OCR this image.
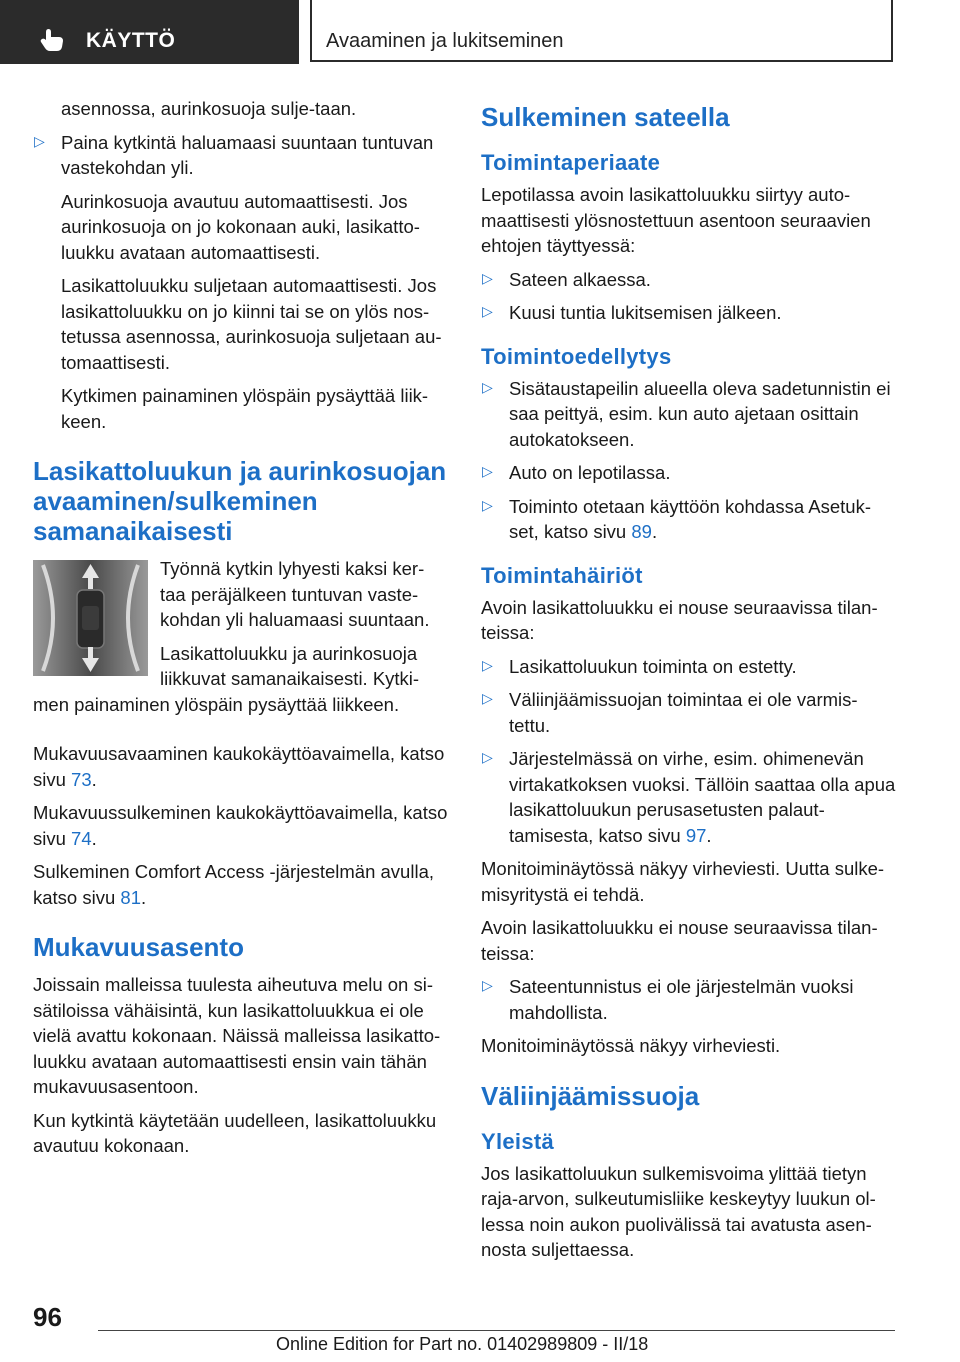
KÄYTTÖ	Avaaminen ja lukitseminen

asennossa, aurinkosuoja sulje-taan.

▷ Paina kytkintä haluamaasi suuntaan tuntuvan vastekohdan yli.

Aurinkosuoja avautuu automaattisesti. Jos aurinkosuoja on jo kokonaan auki, lasikatto-luukku avataan automaattisesti.

Lasikattoluukku suljetaan automaattisesti. Jos lasikattoluukku on jo kiinni tai se on ylös nos-tetussa asennossa, aurinkosuoja suljetaan au-tomaattisesti.

Kytkimen painaminen ylöspäin pysäyttää liik-keen.

Lasikattoluukun ja aurinkosuojan avaaminen/sulkeminen samanaikaisesti

Työnnä kytkin lyhyesti kaksi ker-taa peräjälkeen tuntuvan vaste-kohdan yli haluamaasi suuntaan.

Lasikattoluukku ja aurinkosuoja liikkuvat samanaikaisesti. Kytki-men painaminen ylöspäin pysäyttää liikkeen.

Mukavuusavaaminen kaukokäyttöavaimella, katso sivu 73.

Mukavuussulkeminen kaukokäyttöavaimella, katso sivu 74.

Sulkeminen Comfort Access -järjestelmän avulla, katso sivu 81.

Mukavuusasento

Joissain malleissa tuulesta aiheutuva melu on si-sätiloissa vähäisintä, kun lasikattoluukkua ei ole vielä avattu kokonaan. Näissä malleissa lasikatto-luukku avataan automaattisesti ensin vain tähän mukavuusasentoon.

Kun kytkintä käytetään uudelleen, lasikattoluukku avautuu kokonaan.

Sulkeminen sateella
Toimintaperiaate

Lepotilassa avoin lasikattoluukku siirtyy auto-maattisesti ylösnostettuun asentoon seuraavien ehtojen täyttyessä:

▷ Sateen alkaessa.
▷ Kuusi tuntia lukitsemisen jälkeen.
Toimintoedellytys
▷ Sisätaustapeilin alueella oleva sadetunnistin ei saa peittyä, esim. kun auto ajetaan osittain autokatokseen.
▷ Auto on lepotilassa.
▷ Toiminto otetaan käyttöön kohdassa Asetuk-set, katso sivu 89.
Toimintahäiriöt

Avoin lasikattoluukku ei nouse seuraavissa tilan-teissa:

▷ Lasikattoluukun toiminta on estetty.
▷ Väliinjäämissuojan toimintaa ei ole varmis-tettu.
▷ Järjestelmässä on virhe, esim. ohimenevän virtakatkoksen vuoksi. Tällöin saattaa olla apua lasikattoluukun perusasetusten palaut-tamisesta, katso sivu 97.

Monitoiminäytössä näkyy virheviesti. Uutta sulke-misyritystä ei tehdä.

Avoin lasikattoluukku ei nouse seuraavissa tilan-teissa:

▷ Sateentunnistus ei ole järjestelmän vuoksi mahdollista.

Monitoiminäytössä näkyy virheviesti.

Väliinjäämissuoja
Yleistä

Jos lasikattoluukun sulkemisvoima ylittää tietyn raja-arvon, sulkeutumisliike keskeytyy luukun ol-lessa noin aukon puolivälissä tai avatusta asen-nosta suljettaessa.

96
Online Edition for Part no. 01402989809 - II/18
